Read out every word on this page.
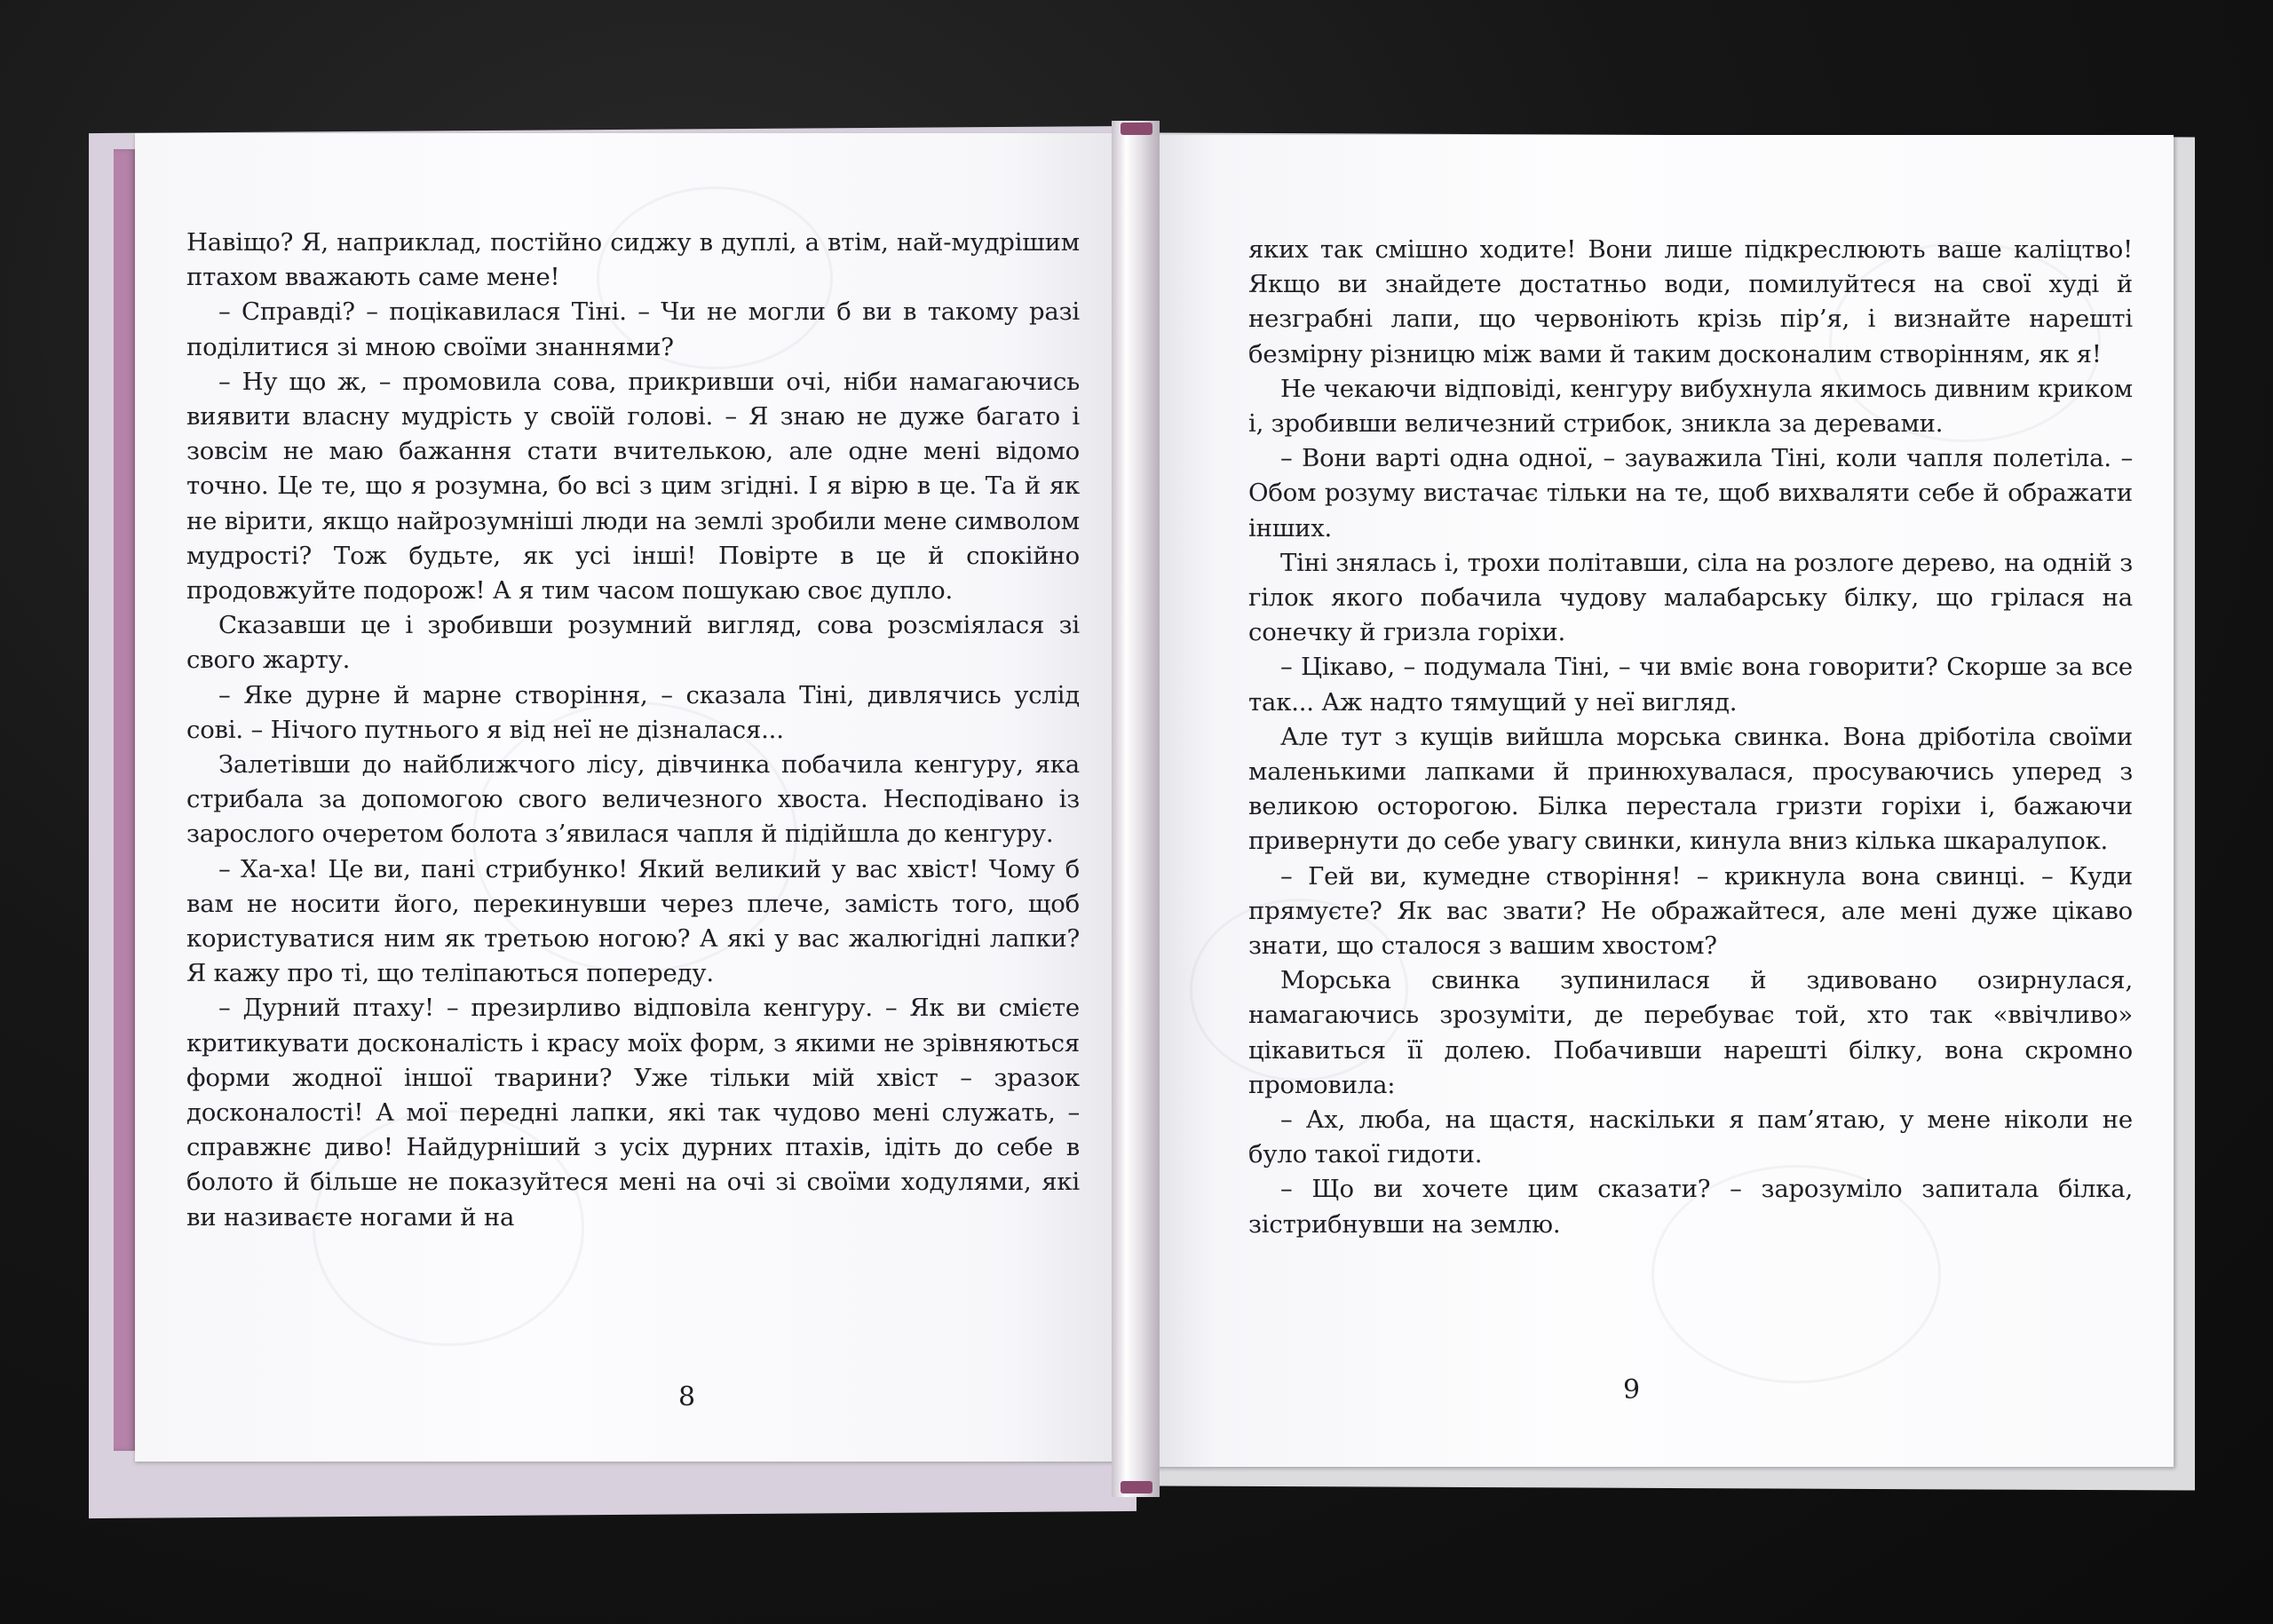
Навіщо? Я, наприклад, постійно сиджу в дуплі, а втім, най-мудрішим птахом вважають саме мене!

– Справді? – поцікавилася Тіні. – Чи не могли б ви в такому разі поділитися зі мною своїми знаннями?

– Ну що ж, – промовила сова, прикривши очі, ніби намагаючись виявити власну мудрість у своїй голові. – Я знаю не дуже багато і зовсім не маю бажання стати вчителькою, але одне мені відомо точно. Це те, що я розумна, бо всі з цим згідні. І я вірю в це. Та й як не вірити, якщо найрозумніші люди на землі зробили мене символом мудрості? Тож будьте, як усі інші! Повірте в це й спокійно продовжуйте подорож! А я тим часом пошукаю своє дупло.

Сказавши це і зробивши розумний вигляд, сова розсміялася зі свого жарту.

– Яке дурне й марне створіння, – сказала Тіні, дивлячись услід сові. – Нічого путнього я від неї не дізналася...

Залетівши до найближчого лісу, дівчинка побачила кенгуру, яка стрибала за допомогою свого величезного хвоста. Несподівано із зарослого очеретом болота з’явилася чапля й підійшла до кенгуру.

– Ха-ха! Це ви, пані стрибунко! Який великий у вас хвіст! Чому б вам не носити його, перекинувши через плече, замість того, щоб користуватися ним як третьою ногою? А які у вас жалюгідні лапки? Я кажу про ті, що теліпаються попереду.

– Дурний птаху! – презирливо відповіла кенгуру. – Як ви смієте критикувати досконалість і красу моїх форм, з якими не зрівняються форми жодної іншої тварини? Уже тільки мій хвіст – зразок досконалості! А мої передні лапки, які так чудово мені служать, – справжнє диво! Найдурніший з усіх дурних птахів, ідіть до себе в болото й більше не показуйтеся мені на очі зі своїми ходулями, які ви називаєте ногами й на

8

яких так смішно ходите! Вони лише підкреслюють ваше каліцтво! Якщо ви знайдете достатньо води, помилуйтеся на свої худі й незграбні лапи, що червоніють крізь пір’я, і визнайте нарешті безмірну різницю між вами й таким досконалим створінням, як я!

Не чекаючи відповіді, кенгуру вибухнула якимось дивним криком і, зробивши величезний стрибок, зникла за деревами.

– Вони варті одна одної, – зауважила Тіні, коли чапля полетіла. – Обом розуму вистачає тільки на те, щоб вихваляти себе й ображати інших.

Тіні знялась і, трохи політавши, сіла на розлоге дерево, на одній з гілок якого побачила чудову малабарську білку, що грілася на сонечку й гризла горіхи.

– Цікаво, – подумала Тіні, – чи вміє вона говорити? Скорше за все так... Аж надто тямущий у неї вигляд.

Але тут з кущів вийшла морська свинка. Вона дріботіла своїми маленькими лапками й принюхувалася, просуваючись уперед з великою осторогою. Білка перестала гризти горіхи і, бажаючи привернути до себе увагу свинки, кинула вниз кілька шкаралупок.

– Гей ви, кумедне створіння! – крикнула вона свинці. – Куди прямуєте? Як вас звати? Не ображайтеся, але мені дуже цікаво знати, що сталося з вашим хвостом?

Морська свинка зупинилася й здивовано озирнулася, намагаючись зрозуміти, де перебуває той, хто так «ввічливо» цікавиться її долею. Побачивши нарешті білку, вона скромно промовила:

– Ах, люба, на щастя, наскільки я пам’ятаю, у мене ніколи не було такої гидоти.

– Що ви хочете цим сказати? – зарозуміло запитала білка, зістрибнувши на землю.

9
